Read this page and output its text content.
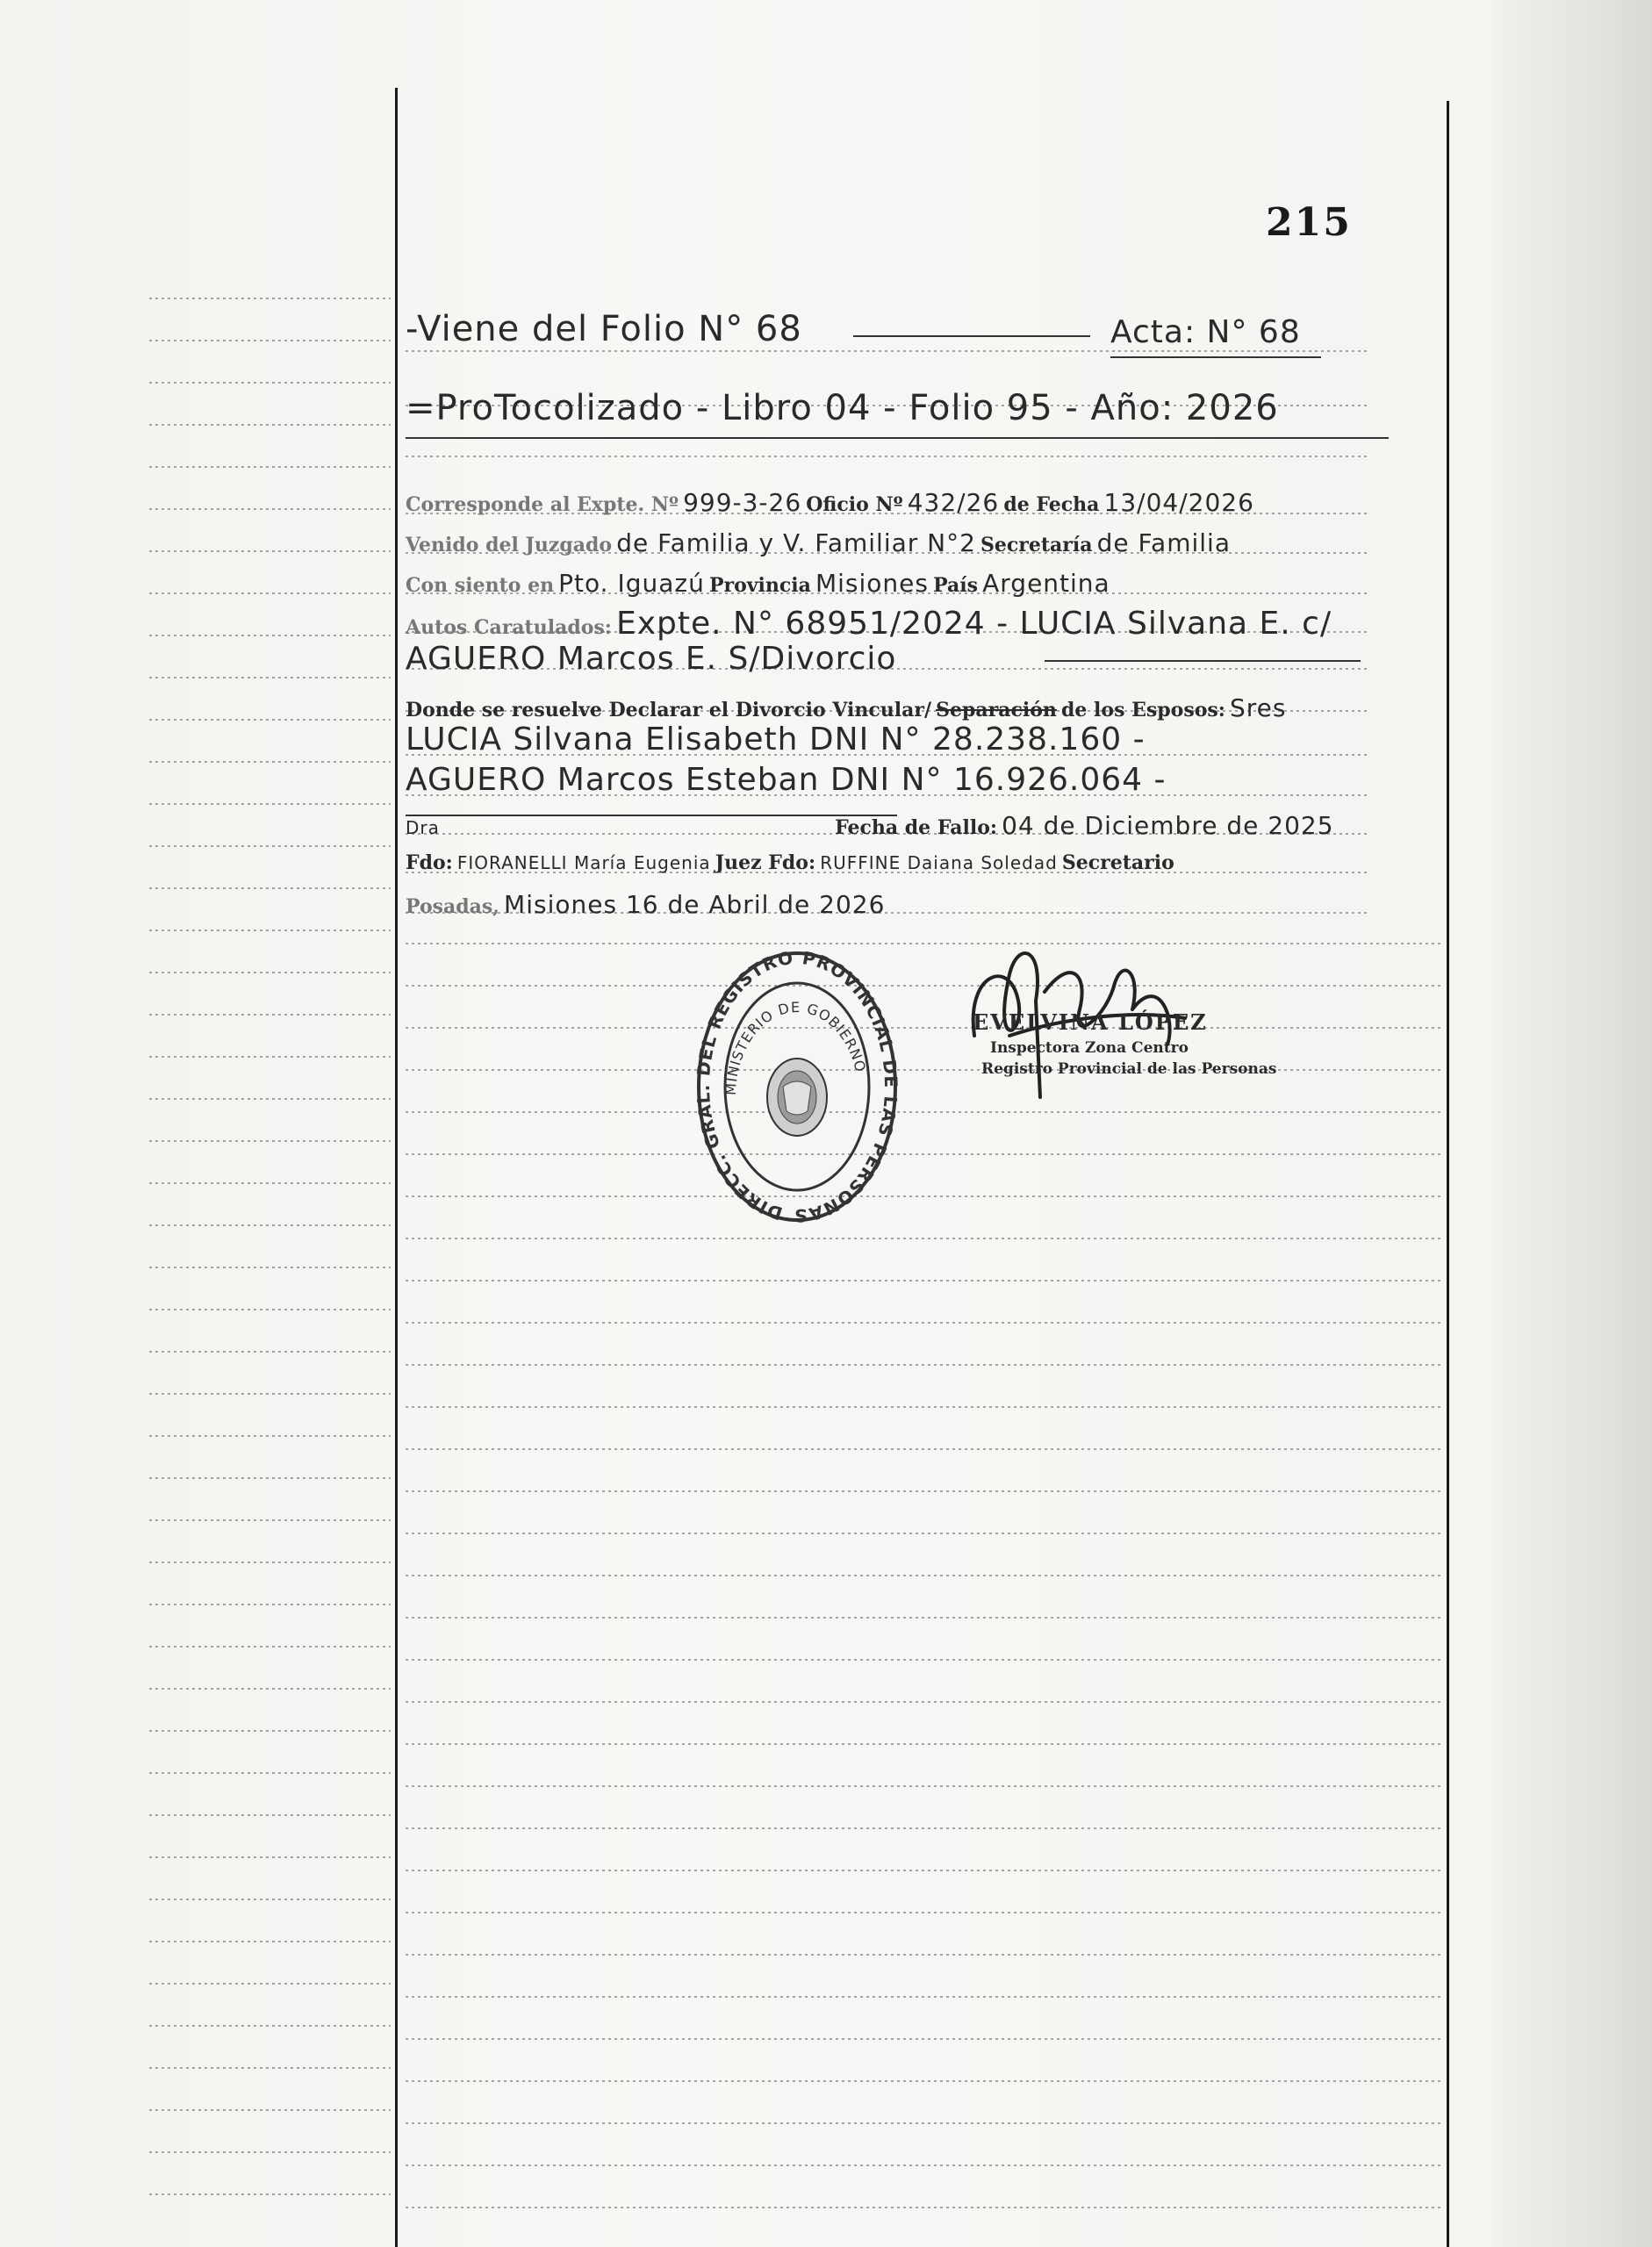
215
-Viene del Folio N° 68	Acta: N° 68
=ProTocolizado - Libro 04 - Folio 95 - Año: 2026
Corresponde al Expte. Nº 999-3-26 Oficio Nº 432/26 de Fecha 13/04/2026
Venido del Juzgado de Familia y V. Familiar N°2 Secretaría de Familia
Con siento en Pto. Iguazú Provincia Misiones País Argentina
Autos Caratulados: Expte. N° 68951/2024 - LUCIA Silvana E. c/
AGUERO Marcos E. S/Divorcio
Donde se resuelve Declarar el Divorcio Vincular/ Separación de los Esposos: Sres
LUCIA Silvana Elisabeth DNI N° 28.238.160 -
AGUERO Marcos Esteban DNI N° 16.926.064 -
Dra	Fecha de Fallo: 04 de Diciembre de 2025
Fdo: FIORANELLI María Eugenia Juez Fdo: RUFFINE Daiana Soledad Secretario
Posadas, Misiones 16 de Abril de 2026
DIRECC. GRAL. DEL REGISTRO PROVINCIAL DE LAS PERSONAS
MINISTERIO DE GOBIERNO
EVELVINA LÓPEZ
Inspectora Zona Centro
Registro Provincial de las Personas
